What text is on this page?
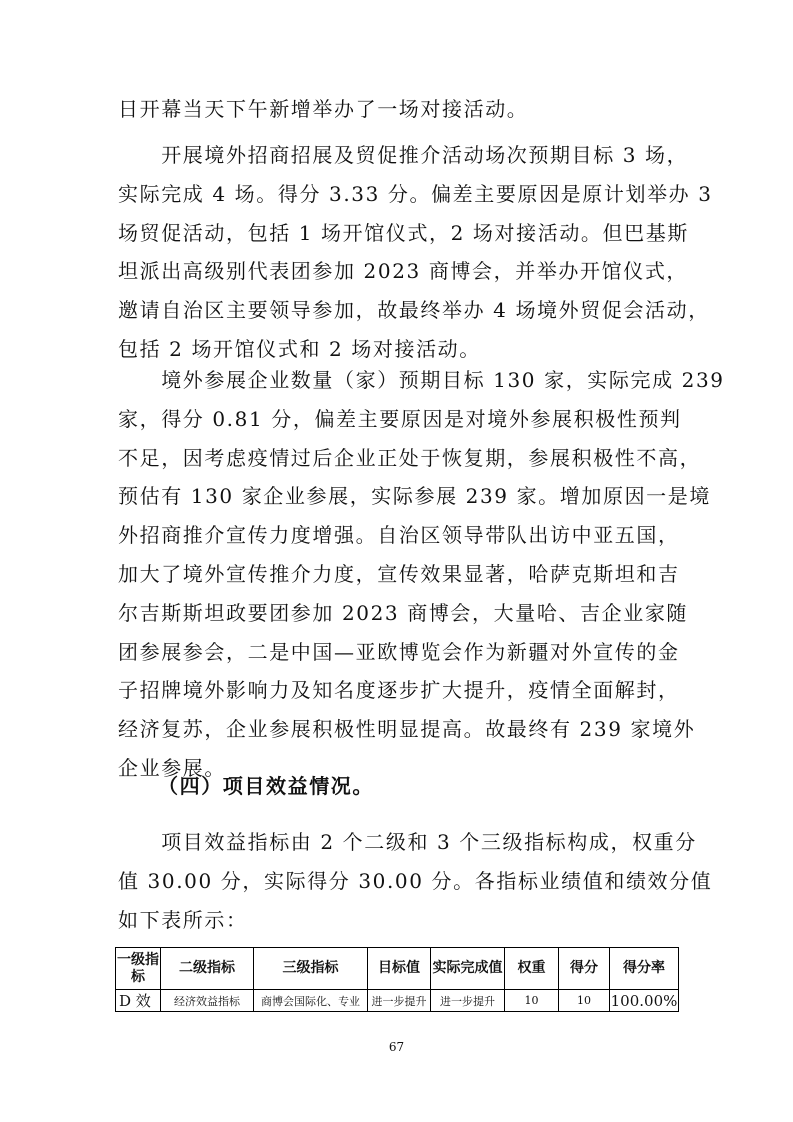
日开幕当天下午新增举办了一场对接活动。
　　开展境外招商招展及贸促推介活动场次预期目标 3 场，
实际完成 4 场。得分 3.33 分。偏差主要原因是原计划举办 3
场贸促活动，包括 1 场开馆仪式，2 场对接活动。但巴基斯
坦派出高级别代表团参加 2023 商博会，并举办开馆仪式，
邀请自治区主要领导参加，故最终举办 4 场境外贸促会活动，
包括 2 场开馆仪式和 2 场对接活动。
　　境外参展企业数量（家）预期目标 130 家，实际完成 239
家，得分 0.81 分，偏差主要原因是对境外参展积极性预判
不足，因考虑疫情过后企业正处于恢复期，参展积极性不高，
预估有 130 家企业参展，实际参展 239 家。增加原因一是境
外招商推介宣传力度增强。自治区领导带队出访中亚五国，
加大了境外宣传推介力度，宣传效果显著，哈萨克斯坦和吉
尔吉斯斯坦政要团参加 2023 商博会，大量哈、吉企业家随
团参展参会，二是中国—亚欧博览会作为新疆对外宣传的金
子招牌境外影响力及知名度逐步扩大提升，疫情全面解封，
经济复苏，企业参展积极性明显提高。故最终有 239 家境外
企业参展。
（四）项目效益情况。
　　项目效益指标由 2 个二级和 3 个三级指标构成，权重分
值 30.00 分，实际得分 30.00 分。各指标业绩值和绩效分值
如下表所示：
一级指标	二级指标	三级指标	目标值	实际完成值	权重	得分	得分率
D 效	经济效益指标	商博会国际化、专业	进一步提升	进一步提升	10	10	100.00%
67
